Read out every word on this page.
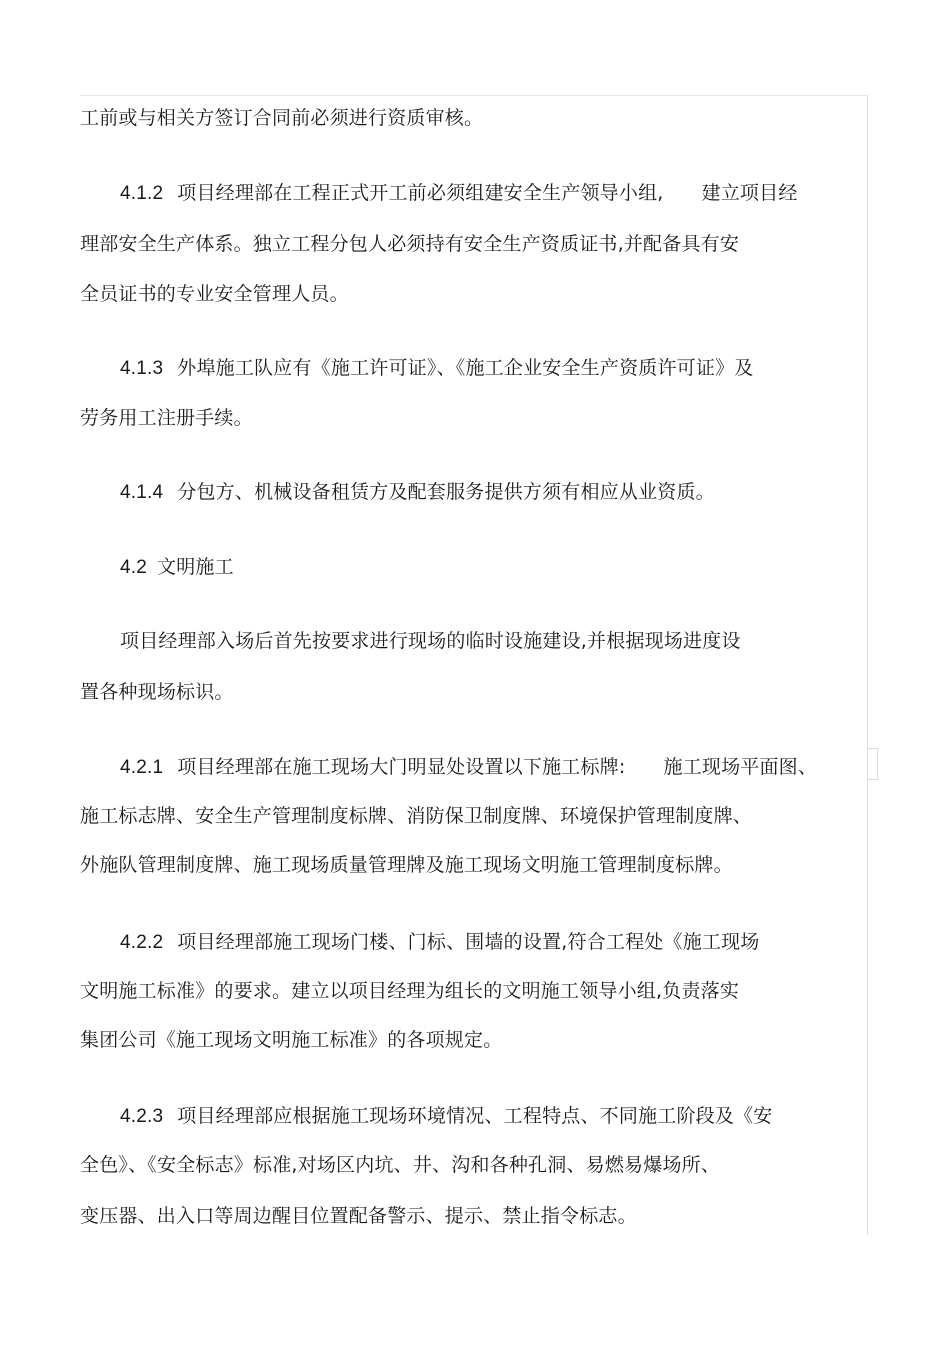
工前或与相关方签订合同前必须进行资质审核。
4.1.2 项目经理部在工程正式开工前必须组建安全生产领导小组, 建立项目经
理部安全生产体系。独立工程分包人必须持有安全生产资质证书,并配备具有安
全员证书的专业安全管理人员。
4.1.3 外埠施工队应有《施工许可证》、《施工企业安全生产资质许可证》及
劳务用工注册手续。
4.1.4 分包方、机械设备租赁方及配套服务提供方须有相应从业资质。
4.2 文明施工
项目经理部入场后首先按要求进行现场的临时设施建设,并根据现场进度设
置各种现场标识。
4.2.1 项目经理部在施工现场大门明显处设置以下施工标牌: 施工现场平面图、
施工标志牌、安全生产管理制度标牌、消防保卫制度牌、环境保护管理制度牌、
外施队管理制度牌、施工现场质量管理牌及施工现场文明施工管理制度标牌。
4.2.2 项目经理部施工现场门楼、门标、围墙的设置,符合工程处《施工现场
文明施工标准》的要求。建立以项目经理为组长的文明施工领导小组,负责落实
集团公司《施工现场文明施工标准》的各项规定。
4.2.3 项目经理部应根据施工现场环境情况、工程特点、不同施工阶段及《安
全色》、《安全标志》标准,对场区内坑、井、沟和各种孔洞、易燃易爆场所、
变压器、出入口等周边醒目位置配备警示、提示、禁止指令标志。
